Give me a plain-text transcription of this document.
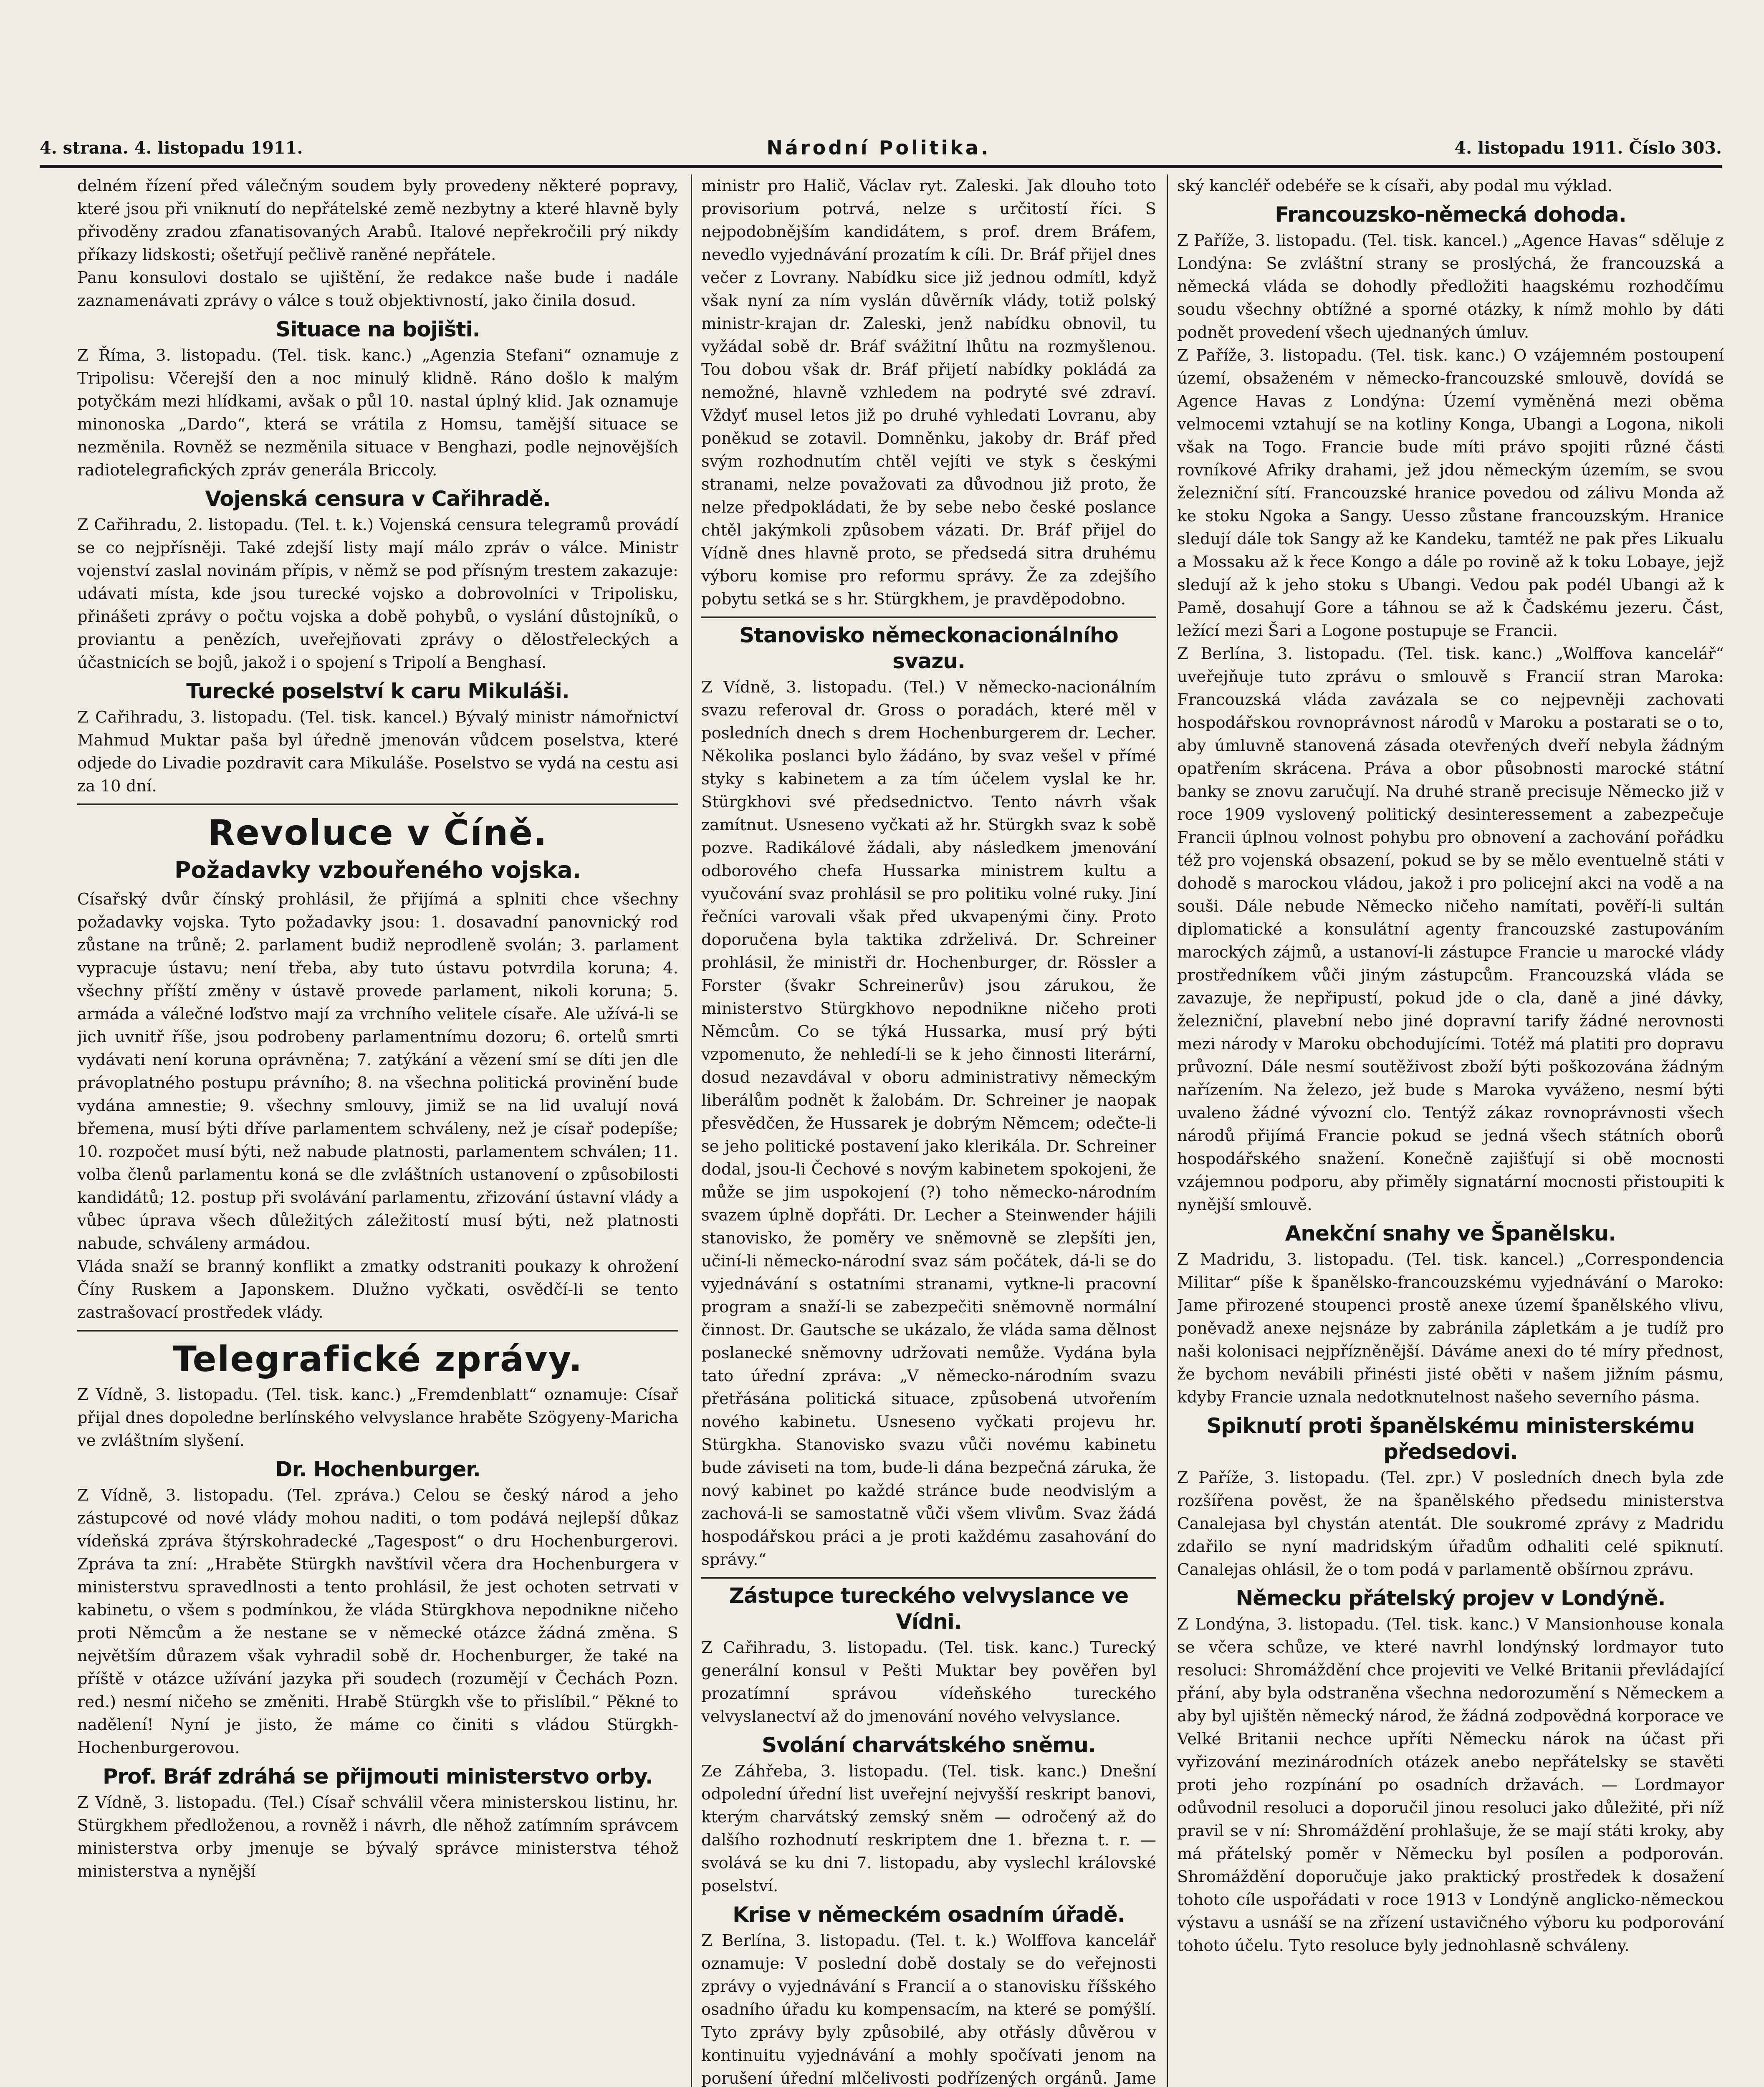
4. strana. 4. listopadu 1911.	Národní Politika.	4. listopadu 1911. Číslo 303.

delném řízení před válečným soudem byly provedeny některé popravy, které jsou při vniknutí do nepřátelské země nezbytny a které hlavně byly přivoděny zradou zfanatisovaných Arabů. Italové nepřekročili prý nikdy příkazy lidskosti; ošetřují pečlivě raněné nepřátele.

Panu konsulovi dostalo se ujištění, že redakce naše bude i nadále zaznamenávati zprávy o válce s touž objektivností, jako činila dosud.

Situace na bojišti.

Z Říma, 3. listopadu. (Tel. tisk. kanc.) „Agenzia Stefani“ oznamuje z Tripolisu: Včerejší den a noc minulý klidně. Ráno došlo k malým potyčkám mezi hlídkami, avšak o půl 10. nastal úplný klid. Jak oznamuje minonoska „Dardo“, která se vrátila z Homsu, tamější situace se nezměnila. Rovněž se nezměnila situace v Benghazi, podle nejnovějších radiotelegrafických zpráv generála Briccoly.

Vojenská censura v Cařihradě.

Z Cařihradu, 2. listopadu. (Tel. t. k.) Vojenská censura telegramů provádí se co nejpřísněji. Také zdejší listy mají málo zpráv o válce. Ministr vojenství zaslal novinám přípis, v němž se pod přísným trestem zakazuje: udávati místa, kde jsou turecké vojsko a dobrovolníci v Tripolisku, přinášeti zprávy o počtu vojska a době pohybů, o vyslání důstojníků, o proviantu a penězích, uveřejňovati zprávy o dělostřeleckých a účastnicích se bojů, jakož i o spojení s Tripolí a Benghasí.

Turecké poselství k caru Mikuláši.

Z Cařihradu, 3. listopadu. (Tel. tisk. kancel.) Bývalý ministr námořnictví Mahmud Muktar paša byl úředně jmenován vůdcem poselstva, které odjede do Livadie pozdravit cara Mikuláše. Poselstvo se vydá na cestu asi za 10 dní.

Revoluce v Číně.
Požadavky vzbouřeného vojska.

Císařský dvůr čínský prohlásil, že přijímá a splniti chce všechny požadavky vojska. Tyto požadavky jsou: 1. dosavadní panovnický rod zůstane na trůně; 2. parlament budiž neprodleně svolán; 3. parlament vypracuje ústavu; není třeba, aby tuto ústavu potvrdila koruna; 4. všechny příští změny v ústavě provede parlament, nikoli koruna; 5. armáda a válečné loďstvo mají za vrchního velitele císaře. Ale užívá-li se jich uvnitř říše, jsou podrobeny parlamentnímu dozoru; 6. ortelů smrti vydávati není koruna oprávněna; 7. zatýkání a vězení smí se díti jen dle právoplatného postupu právního; 8. na všechna politická provinění bude vydána amnestie; 9. všechny smlouvy, jimiž se na lid uvalují nová břemena, musí býti dříve parlamentem schváleny, než je císař podepíše; 10. rozpočet musí býti, než nabude platnosti, parlamentem schválen; 11. volba členů parlamentu koná se dle zvláštních ustanovení o způsobilosti kandidátů; 12. postup při svolávání parlamentu, zřizování ústavní vlády a vůbec úprava všech důležitých záležitostí musí býti, než platnosti nabude, schváleny armádou.

Vláda snaží se branný konflikt a zmatky odstraniti poukazy k ohrožení Číny Ruskem a Japonskem. Dlužno vyčkati, osvědčí-li se tento zastrašovací prostředek vlády.

Telegrafické zprávy.

Z Vídně, 3. listopadu. (Tel. tisk. kanc.) „Fremdenblatt“ oznamuje: Císař přijal dnes dopoledne berlínského velvyslance hraběte Szögyeny-Maricha ve zvláštním slyšení.

Dr. Hochenburger.

Z Vídně, 3. listopadu. (Tel. zpráva.) Celou se český národ a jeho zástupcové od nové vlády mohou naditi, o tom podává nejlepší důkaz vídeňská zpráva štýrskohradecké „Tagespost“ o dru Hochenburgerovi. Zpráva ta zní: „Hraběte Stürgkh navštívil včera dra Hochenburgera v ministerstvu spravedlnosti a tento prohlásil, že jest ochoten setrvati v kabinetu, o všem s podmínkou, že vláda Stürgkhova nepodnikne ničeho proti Němcům a že nestane se v německé otázce žádná změna. S největším důrazem však vyhradil sobě dr. Hochenburger, že také na příště v otázce užívání jazyka při soudech (rozumějí v Čechách Pozn. red.) nesmí ničeho se změniti. Hrabě Stürgkh vše to přislíbil.“ Pěkné to nadělení! Nyní je jisto, že máme co činiti s vládou Stürgkh-Hochenburgerovou.

Prof. Bráf zdráhá se přijmouti ministerstvo orby.

Z Vídně, 3. listopadu. (Tel.) Císař schválil včera ministerskou listinu, hr. Stürgkhem předloženou, a rovněž i návrh, dle něhož zatímním správcem ministerstva orby jmenuje se bývalý správce ministerstva téhož ministerstva a nynější

ministr pro Halič, Václav ryt. Zaleski. Jak dlouho toto provisorium potrvá, nelze s určitostí říci. S nejpodobnějším kandidátem, s prof. drem Bráfem, nevedlo vyjednávání prozatím k cíli. Dr. Bráf přijel dnes večer z Lovrany. Nabídku sice již jednou odmítl, když však nyní za ním vyslán důvěrník vlády, totiž polský ministr-krajan dr. Zaleski, jenž nabídku obnovil, tu vyžádal sobě dr. Bráf svážitní lhůtu na rozmyšlenou. Tou dobou však dr. Bráf přijetí nabídky pokládá za nemožné, hlavně vzhledem na podryté své zdraví. Vždyť musel letos již po druhé vyhledati Lovranu, aby poněkud se zotavil. Domněnku, jakoby dr. Bráf před svým rozhodnutím chtěl vejíti ve styk s českými stranami, nelze považovati za důvodnou již proto, že nelze předpokládati, že by sebe nebo české poslance chtěl jakýmkoli způsobem vázati. Dr. Bráf přijel do Vídně dnes hlavně proto, se předsedá sitra druhému výboru komise pro reformu správy. Že za zdejšího pobytu setká se s hr. Stürgkhem, je pravděpodobno.

Stanovisko německonacionálního svazu.

Z Vídně, 3. listopadu. (Tel.) V německo-nacionálním svazu referoval dr. Gross o poradách, které měl v posledních dnech s drem Hochenburgerem dr. Lecher. Několika poslanci bylo žádáno, by svaz vešel v přímé styky s kabinetem a za tím účelem vyslal ke hr. Stürgkhovi své předsednictvo. Tento návrh však zamítnut. Usneseno vyčkati až hr. Stürgkh svaz k sobě pozve. Radikálové žádali, aby následkem jmenování odborového chefa Hussarka ministrem kultu a vyučování svaz prohlásil se pro politiku volné ruky. Jiní řečníci varovali však před ukvapenými činy. Proto doporučena byla taktika zdrželivá. Dr. Schreiner prohlásil, že ministři dr. Hochenburger, dr. Rössler a Forster (švakr Schreinerův) jsou zárukou, že ministerstvo Stürgkhovo nepodnikne ničeho proti Němcům. Co se týká Hussarka, musí prý býti vzpomenuto, že nehledí-li se k jeho činnosti literární, dosud nezavdával v oboru administrativy německým liberálům podnět k žalobám. Dr. Schreiner je naopak přesvědčen, že Hussarek je dobrým Němcem; odečte-li se jeho politické postavení jako klerikála. Dr. Schreiner dodal, jsou-li Čechové s novým kabinetem spokojeni, že může se jim uspokojení (?) toho německo-národním svazem úplně dopřáti. Dr. Lecher a Steinwender hájili stanovisko, že poměry ve sněmovně se zlepšíti jen, učiní-li německo-národní svaz sám počátek, dá-li se do vyjednávání s ostatními stranami, vytkne-li pracovní program a snaží-li se zabezpečiti sněmovně normální činnost. Dr. Gautsche se ukázalo, že vláda sama dělnost poslanecké sněmovny udržovati nemůže. Vydána byla tato úřední zpráva: „V německo-národním svazu přetřásána politická situace, způsobená utvořením nového kabinetu. Usneseno vyčkati projevu hr. Stürgkha. Stanovisko svazu vůči novému kabinetu bude záviseti na tom, bude-li dána bezpečná záruka, že nový kabinet po každé stránce bude neodvislým a zachová-li se samostatně vůči všem vlivům. Svaz žádá hospodářskou práci a je proti každému zasahování do správy.“

Zástupce tureckého velvyslance ve Vídni.

Z Cařihradu, 3. listopadu. (Tel. tisk. kanc.) Turecký generální konsul v Pešti Muktar bey pověřen byl prozatímní správou vídeňského tureckého velvyslanectví až do jmenování nového velvyslance.

Svolání charvátského sněmu.

Ze Záhřeba, 3. listopadu. (Tel. tisk. kanc.) Dnešní odpolední úřední list uveřejní nejvyšší reskript banovi, kterým charvátský zemský sněm — odročený až do dalšího rozhodnutí reskriptem dne 1. března t. r. — svolává se ku dni 7. listopadu, aby vyslechl královské poselství.

Krise v německém osadním úřadě.

Z Berlína, 3. listopadu. (Tel. t. k.) Wolffova kancelář oznamuje: V poslední době dostaly se do veřejnosti zprávy o vyjednávání s Francií a o stanovisku říšského osadního úřadu ku kompensacím, na které se pomýšlí. Tyto zprávy byly způsobilé, aby otřásly důvěrou v kontinuitu vyjednávání a mohly spočívati jenom na porušení úřední mlčelivosti podřízených orgánů. Jame

ský kancléř odebéře se k císaři, aby podal mu výklad.

Francouzsko-německá dohoda.

Z Paříže, 3. listopadu. (Tel. tisk. kancel.) „Agence Havas“ sděluje z Londýna: Se zvláštní strany se proslýchá, že francouzská a německá vláda se dohodly předložiti haagskému rozhodčímu soudu všechny obtížné a sporné otázky, k nímž mohlo by dáti podnět provedení všech ujednaných úmluv.

Z Paříže, 3. listopadu. (Tel. tisk. kanc.) O vzájemném postoupení území, obsaženém v německo-francouzské smlouvě, dovídá se Agence Havas z Londýna: Území vyměněná mezi oběma velmocemi vztahují se na kotliny Konga, Ubangi a Logona, nikoli však na Togo. Francie bude míti právo spojiti různé části rovníkové Afriky drahami, jež jdou německým územím, se svou železniční sítí. Francouzské hranice povedou od zálivu Monda až ke stoku Ngoka a Sangy. Uesso zůstane francouzským. Hranice sledují dále tok Sangy až ke Kandeku, tamtéž ne pak přes Likualu a Mossaku až k řece Kongo a dále po rovině až k toku Lobaye, jejž sledují až k jeho stoku s Ubangi. Vedou pak podél Ubangi až k Pamě, dosahují Gore a táhnou se až k Čadskému jezeru. Část, ležící mezi Šari a Logone postupuje se Francii.

Z Berlína, 3. listopadu. (Tel. tisk. kanc.) „Wolffova kancelář“ uveřejňuje tuto zprávu o smlouvě s Francií stran Maroka: Francouzská vláda zavázala se co nejpevněji zachovati hospodářskou rovnoprávnost národů v Maroku a postarati se o to, aby úmluvně stanovená zásada otevřených dveří nebyla žádným opatřením skrácena. Práva a obor působnosti marocké státní banky se znovu zaručují. Na druhé straně precisuje Německo již v roce 1909 vyslovený politický desinteressement a zabezpečuje Francii úplnou volnost pohybu pro obnovení a zachování pořádku též pro vojenská obsazení, pokud se by se mělo eventuelně státi v dohodě s marockou vládou, jakož i pro policejní akci na vodě a na souši. Dále nebude Německo ničeho namítati, pověří-li sultán diplomatické a konsulátní agenty francouzské zastupováním marockých zájmů, a ustanoví-li zástupce Francie u marocké vlády prostředníkem vůči jiným zástupcům. Francouzská vláda se zavazuje, že nepřipustí, pokud jde o cla, daně a jiné dávky, železniční, plavební nebo jiné dopravní tarify žádné nerovnosti mezi národy v Maroku obchodujícími. Totéž má platiti pro dopravu průvozní. Dále nesmí soutěživost zboží býti poškozována žádným nařízením. Na železo, jež bude s Maroka vyváženo, nesmí býti uvaleno žádné vývozní clo. Tentýž zákaz rovnoprávnosti všech národů přijímá Francie pokud se jedná všech státních oborů hospodářského snažení. Konečně zajišťují si obě mocnosti vzájemnou podporu, aby přiměly signatární mocnosti přistoupiti k nynější smlouvě.

Anekční snahy ve Španělsku.

Z Madridu, 3. listopadu. (Tel. tisk. kancel.) „Correspondencia Militar“ píše k španělsko-francouzskému vyjednávání o Maroko: Jame přirozené stoupenci prostě anexe území španělského vlivu, poněvadž anexe nejsnáze by zabránila zápletkám a je tudíž pro naši kolonisaci nejpřízněnější. Dáváme anexi do té míry přednost, že bychom nevábili přinésti jisté oběti v našem jižním pásmu, kdyby Francie uznala nedotknutelnost našeho severního pásma.

Spiknutí proti španělskému ministerskému předsedovi.

Z Paříže, 3. listopadu. (Tel. zpr.) V posledních dnech byla zde rozšířena pověst, že na španělského předsedu ministerstva Canalejasa byl chystán atentát. Dle soukromé zprávy z Madridu zdařilo se nyní madridským úřadům odhaliti celé spiknutí. Canalejas ohlásil, že o tom podá v parlamentě obšírnou zprávu.

Německu přátelský projev v Londýně.

Z Londýna, 3. listopadu. (Tel. tisk. kanc.) V Mansionhouse konala se včera schůze, ve které navrhl londýnský lordmayor tuto resoluci: Shromáždění chce projeviti ve Velké Britanii převládající přání, aby byla odstraněna všechna nedorozumění s Německem a aby byl ujištěn německý národ, že žádná zodpovědná korporace ve Velké Britanii nechce upříti Německu nárok na účast při vyřizování mezinárodních otázek anebo nepřátelsky se stavěti proti jeho rozpínání po osadních državách. — Lordmayor odůvodnil resoluci a doporučil jinou resoluci jako důležité, při níž pravil se v ní: Shromáždění prohlašuje, že se mají státi kroky, aby má přátelský poměr v Německu byl posílen a podporován. Shromáždění doporučuje jako praktický prostředek k dosažení tohoto cíle uspořádati v roce 1913 v Londýně anglicko-německou výstavu a usnáší se na zřízení ustavičného výboru ku podporování tohoto účelu. Tyto resoluce byly jednohlasně schváleny.
